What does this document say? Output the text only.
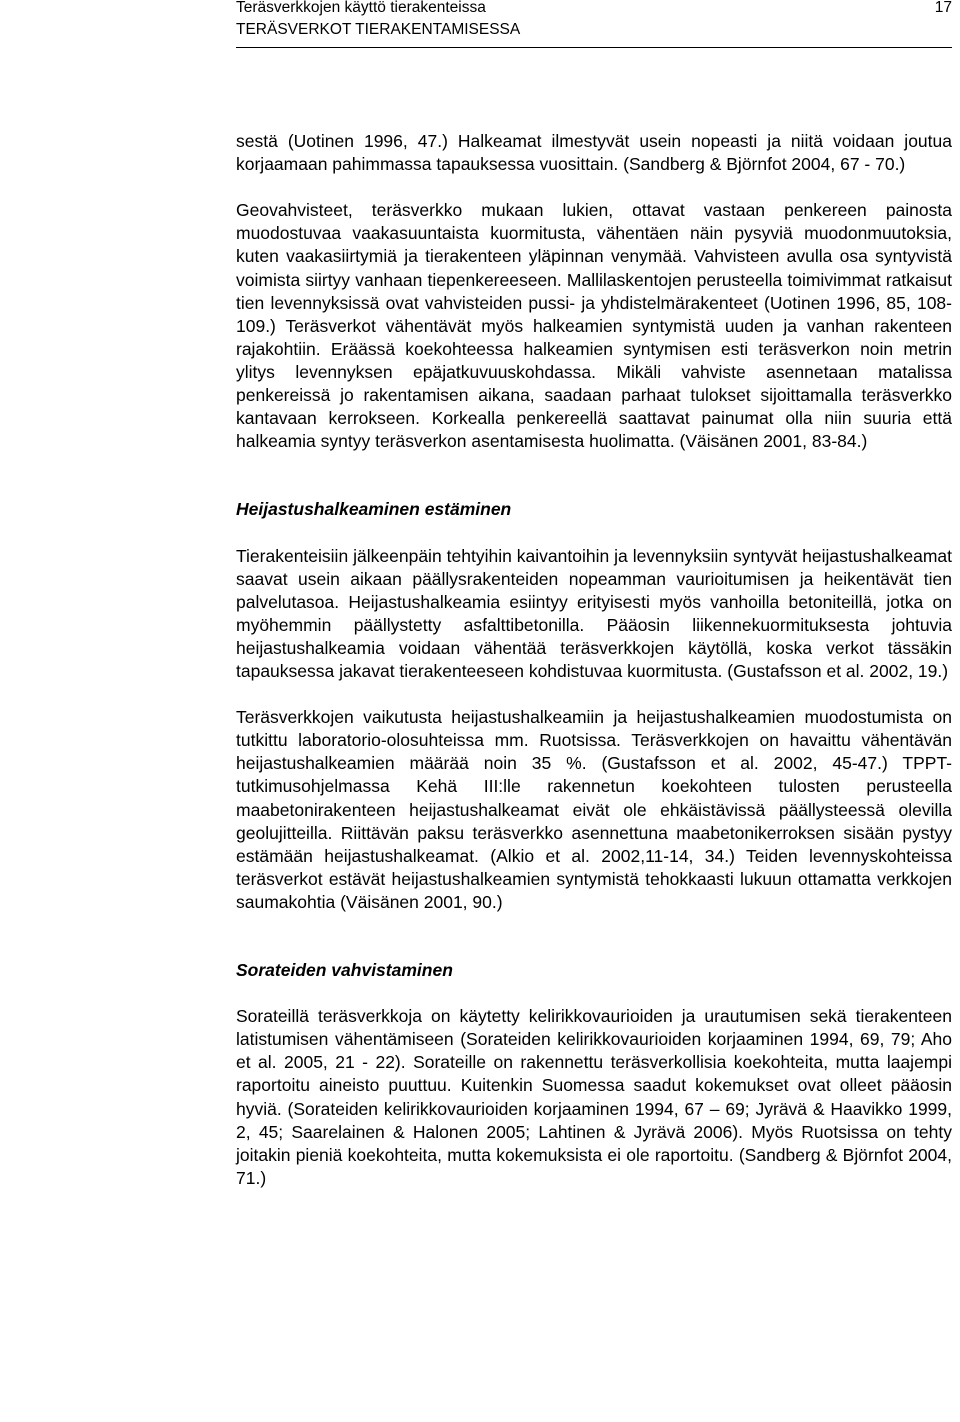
Teräsverkkojen käyttö tierakenteissa
TERÄSVERKOT TIERAKENTAMISESSA
17

sestä (Uotinen 1996, 47.) Halkeamat ilmestyvät usein nopeasti ja niitä voidaan joutua korjaamaan pahimmassa tapauksessa vuosittain. (Sandberg & Björnfot 2004, 67 - 70.)

Geovahvisteet, teräsverkko mukaan lukien, ottavat vastaan penkereen painosta muodostuvaa vaakasuuntaista kuormitusta, vähentäen näin pysyviä muodonmuutoksia, kuten vaakasiirtymiä ja tierakenteen yläpinnan venymää. Vahvisteen avulla osa syntyvistä voimista siirtyy vanhaan tiepenkereeseen. Mallilaskentojen perusteella toimivimmat ratkaisut tien levennyksissä ovat vahvisteiden pussi- ja yhdistelmärakenteet (Uotinen 1996, 85, 108-109.) Teräsverkot vähentävät myös halkeamien syntymistä uuden ja vanhan rakenteen rajakohtiin. Eräässä koekohteessa halkeamien syntymisen esti teräsverkon noin metrin ylitys levennyksen epäjatkuvuuskohdassa. Mikäli vahviste asennetaan matalissa penkereissä jo rakentamisen aikana, saadaan parhaat tulokset sijoittamalla teräsverkko kantavaan kerrokseen. Korkealla penkereellä saattavat painumat olla niin suuria että halkeamia syntyy teräsverkon asentamisesta huolimatta. (Väisänen 2001, 83-84.)

Heijastushalkeaminen estäminen

Tierakenteisiin jälkeenpäin tehtyihin kaivantoihin ja levennyksiin syntyvät heijastushalkeamat saavat usein aikaan päällysrakenteiden nopeamman vaurioitumisen ja heikentävät tien palvelutasoa. Heijastushalkeamia esiintyy erityisesti myös vanhoilla betoniteillä, jotka on myöhemmin päällystetty asfalttibetonilla. Pääosin liikennekuormituksesta johtuvia heijastushalkeamia voidaan vähentää teräsverkkojen käytöllä, koska verkot tässäkin tapauksessa jakavat tierakenteeseen kohdistuvaa kuormitusta. (Gustafsson et al. 2002, 19.)

Teräsverkkojen vaikutusta heijastushalkeamiin ja heijastushalkeamien muodostumista on tutkittu laboratorio-olosuhteissa mm. Ruotsissa. Teräsverkkojen on havaittu vähentävän heijastushalkeamien määrää noin 35 %. (Gustafsson et al. 2002, 45-47.) TPPT- tutkimusohjelmassa Kehä III:lle rakennetun koekohteen tulosten perusteella maabetonirakenteen heijastushalkeamat eivät ole ehkäistävissä päällysteessä olevilla geolujitteilla. Riittävän paksu teräsverkko asennettuna maabetonikerroksen sisään pystyy estämään heijastushalkeamat. (Alkio et al. 2002,11-14, 34.) Teiden levennyskohteissa teräsverkot estävät heijastushalkeamien syntymistä tehokkaasti lukuun ottamatta verkkojen saumakohtia (Väisänen 2001, 90.)

Sorateiden vahvistaminen

Sorateillä teräsverkkoja on käytetty kelirikkovaurioiden ja urautumisen sekä tierakenteen latistumisen vähentämiseen (Sorateiden kelirikkovaurioiden korjaaminen 1994, 69, 79; Aho et al. 2005, 21 - 22). Sorateille on rakennettu teräsverkollisia koekohteita, mutta laajempi raportoitu aineisto puuttuu. Kuitenkin Suomessa saadut kokemukset ovat olleet pääosin hyviä. (Sorateiden kelirikkovaurioiden korjaaminen 1994, 67 – 69; Jyrävä & Haavikko 1999, 2, 45; Saarelainen & Halonen 2005; Lahtinen & Jyrävä 2006). Myös Ruotsissa on tehty joitakin pieniä koekohteita, mutta kokemuksista ei ole raportoitu. (Sandberg & Björnfot 2004, 71.)
